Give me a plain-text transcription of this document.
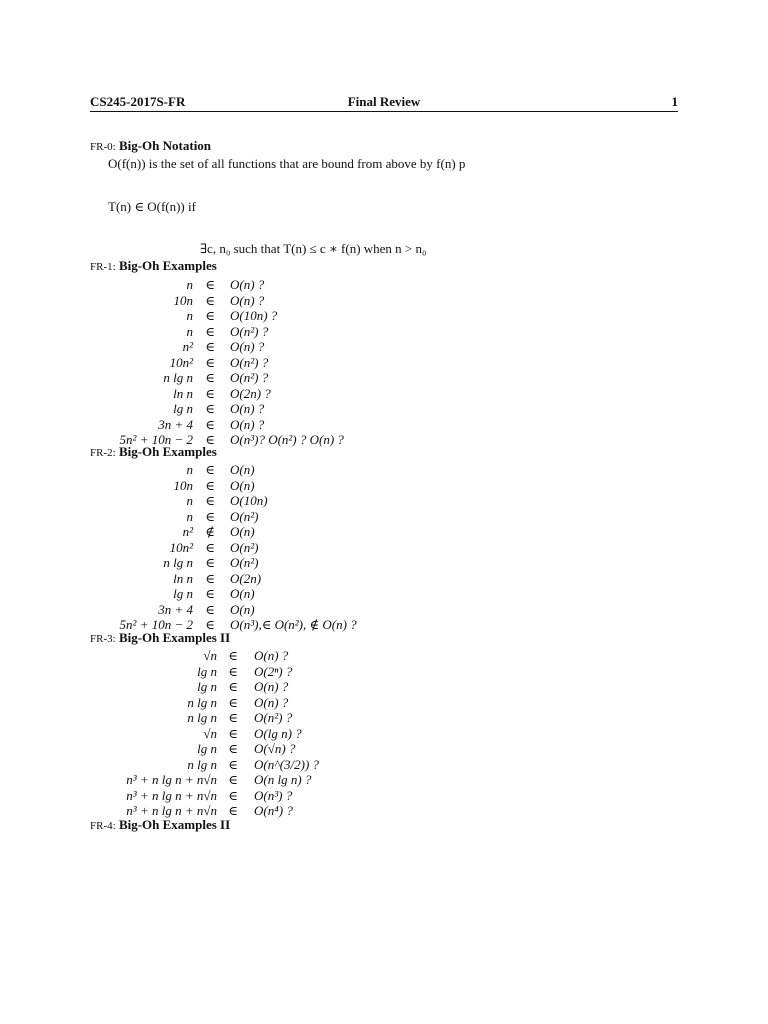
CS245-2017S-FR	Final Review	1
FR-0: Big-Oh Notation
O(f(n)) is the set of all functions that are bound from above by f(n) p
T(n) ∈ O(f(n)) if
∃c, n₀ such that T(n) ≤ c ∗ f(n) when n > n₀
FR-1: Big-Oh Examples
n ∈	O(n) ?
10n ∈	O(n) ?
n ∈	O(10n) ?
n ∈	O(n²) ?
n² ∈	O(n) ?
10n² ∈	O(n²) ?
n lg n ∈	O(n²) ?
ln n ∈	O(2n) ?
lg n ∈	O(n) ?
3n + 4 ∈	O(n) ?
5n² + 10n − 2 ∈	O(n³)? O(n²) ? O(n) ?
FR-2: Big-Oh Examples
n ∈	O(n)
10n ∈	O(n)
n ∈	O(10n)
n ∈	O(n²)
n² ∉	O(n)
10n² ∈	O(n²)
n lg n ∈	O(n²)
ln n ∈	O(2n)
lg n ∈	O(n)
3n + 4 ∈	O(n)
5n² + 10n − 2 ∈	O(n³),∈ O(n²), ∉ O(n) ?
FR-3: Big-Oh Examples II
√n ∈	O(n) ?
lg n ∈	O(2ⁿ) ?
lg n ∈	O(n) ?
n lg n ∈	O(n) ?
n lg n ∈	O(n²) ?
√n ∈	O(lg n) ?
lg n ∈	O(√n) ?
n lg n ∈	O(n^(3/2)) ?
n³ + n lg n + n√n ∈	O(n lg n) ?
n³ + n lg n + n√n ∈	O(n³) ?
n³ + n lg n + n√n ∈	O(n⁴) ?
FR-4: Big-Oh Examples II
